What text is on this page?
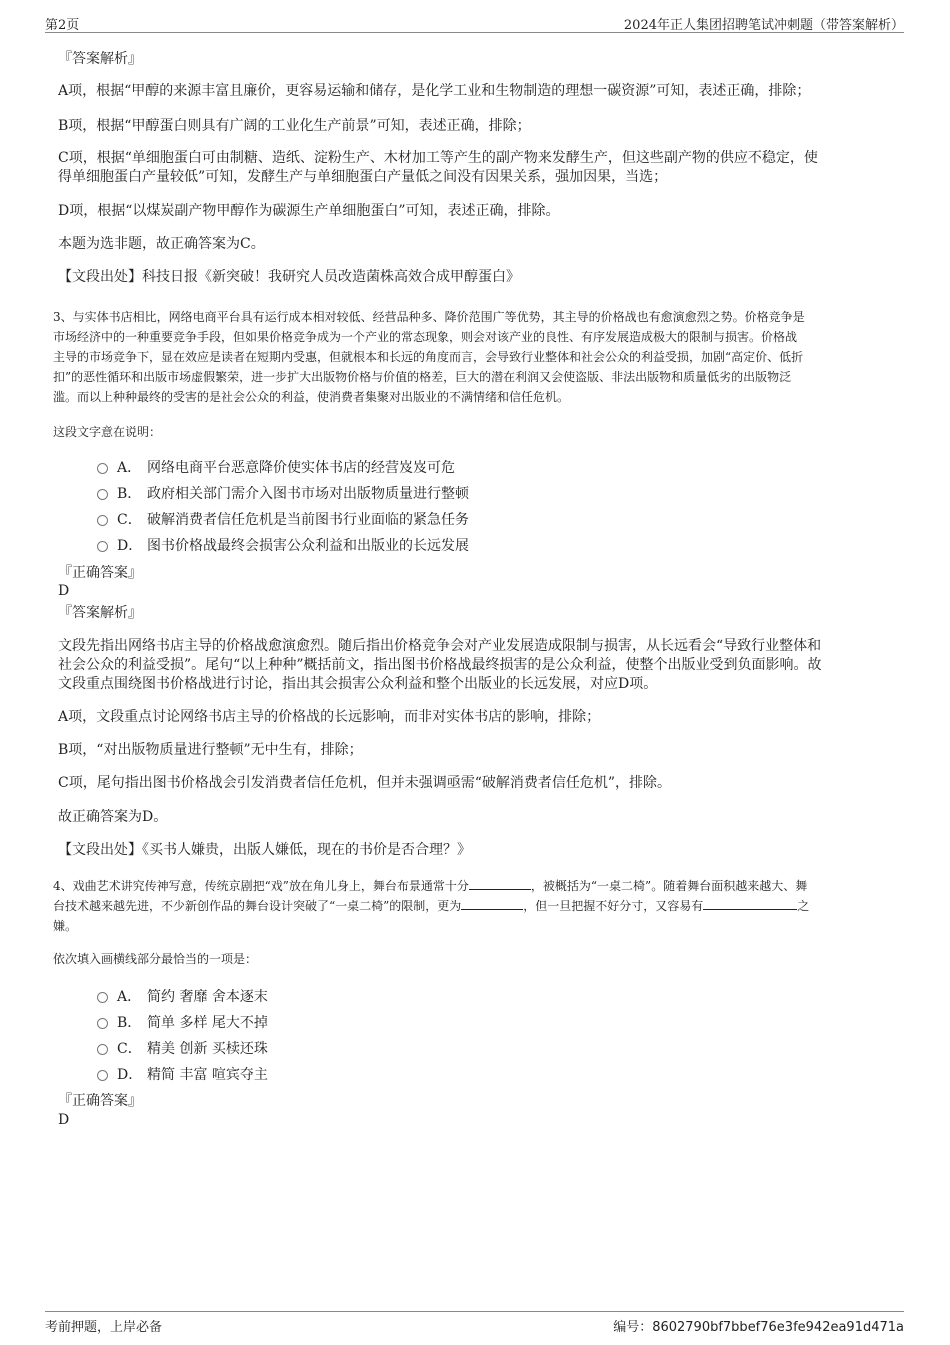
第2页	2024年正人集团招聘笔试冲刺题（带答案解析）
『答案解析』
A项，根据“甲醇的来源丰富且廉价，更容易运输和储存，是化学工业和生物制造的理想一碳资源”可知，表述正确，排除；
B项，根据“甲醇蛋白则具有广阔的工业化生产前景”可知，表述正确，排除；
C项，根据“单细胞蛋白可由制糖、造纸、淀粉生产、木材加工等产生的副产物来发酵生产，但这些副产物的供应不稳定，使
得单细胞蛋白产量较低”可知，发酵生产与单细胞蛋白产量低之间没有因果关系，强加因果，当选；
D项，根据“以煤炭副产物甲醇作为碳源生产单细胞蛋白”可知，表述正确，排除。
本题为选非题，故正确答案为C。
【文段出处】科技日报《新突破！我研究人员改造菌株高效合成甲醇蛋白》
3、与实体书店相比，网络电商平台具有运行成本相对较低、经营品种多、降价范围广等优势，其主导的价格战也有愈演愈烈之势。价格竞争是
市场经济中的一种重要竞争手段，但如果价格竞争成为一个产业的常态现象，则会对该产业的良性、有序发展造成极大的限制与损害。价格战
主导的市场竞争下，显在效应是读者在短期内受惠，但就根本和长远的角度而言，会导致行业整体和社会公众的利益受损，加剧“高定价、低折
扣”的恶性循环和出版市场虚假繁荣，进一步扩大出版物价格与价值的格差，巨大的潜在利润又会使盗版、非法出版物和质量低劣的出版物泛
滥。而以上种种最终的受害的是社会公众的利益，使消费者集聚对出版业的不满情绪和信任危机。
这段文字意在说明：
A． 网络电商平台恶意降价使实体书店的经营岌岌可危
B． 政府相关部门需介入图书市场对出版物质量进行整顿
C． 破解消费者信任危机是当前图书行业面临的紧急任务
D． 图书价格战最终会损害公众利益和出版业的长远发展
『正确答案』
D
『答案解析』
文段先指出网络书店主导的价格战愈演愈烈。随后指出价格竞争会对产业发展造成限制与损害，从长远看会“导致行业整体和
社会公众的利益受损”。尾句“以上种种”概括前文，指出图书价格战最终损害的是公众利益，使整个出版业受到负面影响。故
文段重点围绕图书价格战进行讨论，指出其会损害公众利益和整个出版业的长远发展，对应D项。
A项，文段重点讨论网络书店主导的价格战的长远影响，而非对实体书店的影响，排除；
B项，“对出版物质量进行整顿”无中生有，排除；
C项，尾句指出图书价格战会引发消费者信任危机，但并未强调亟需“破解消费者信任危机”，排除。
故正确答案为D。
【文段出处】《买书人嫌贵，出版人嫌低，现在的书价是否合理？》
4、戏曲艺术讲究传神写意，传统京剧把“戏”放在角儿身上，舞台布景通常十分	，被概括为“一桌二椅”。随着舞台面积越来越大、舞
台技术越来越先进，不少新创作品的舞台设计突破了“一桌二椅”的限制，更为	，但一旦把握不好分寸，又容易有	之
嫌。
依次填入画横线部分最恰当的一项是：
A． 简约 奢靡 舍本逐末
B． 简单 多样 尾大不掉
C． 精美 创新 买椟还珠
D． 精简 丰富 喧宾夺主
『正确答案』
D
考前押题，上岸必备	编号：8602790bf7bbef76e3fe942ea91d471a
